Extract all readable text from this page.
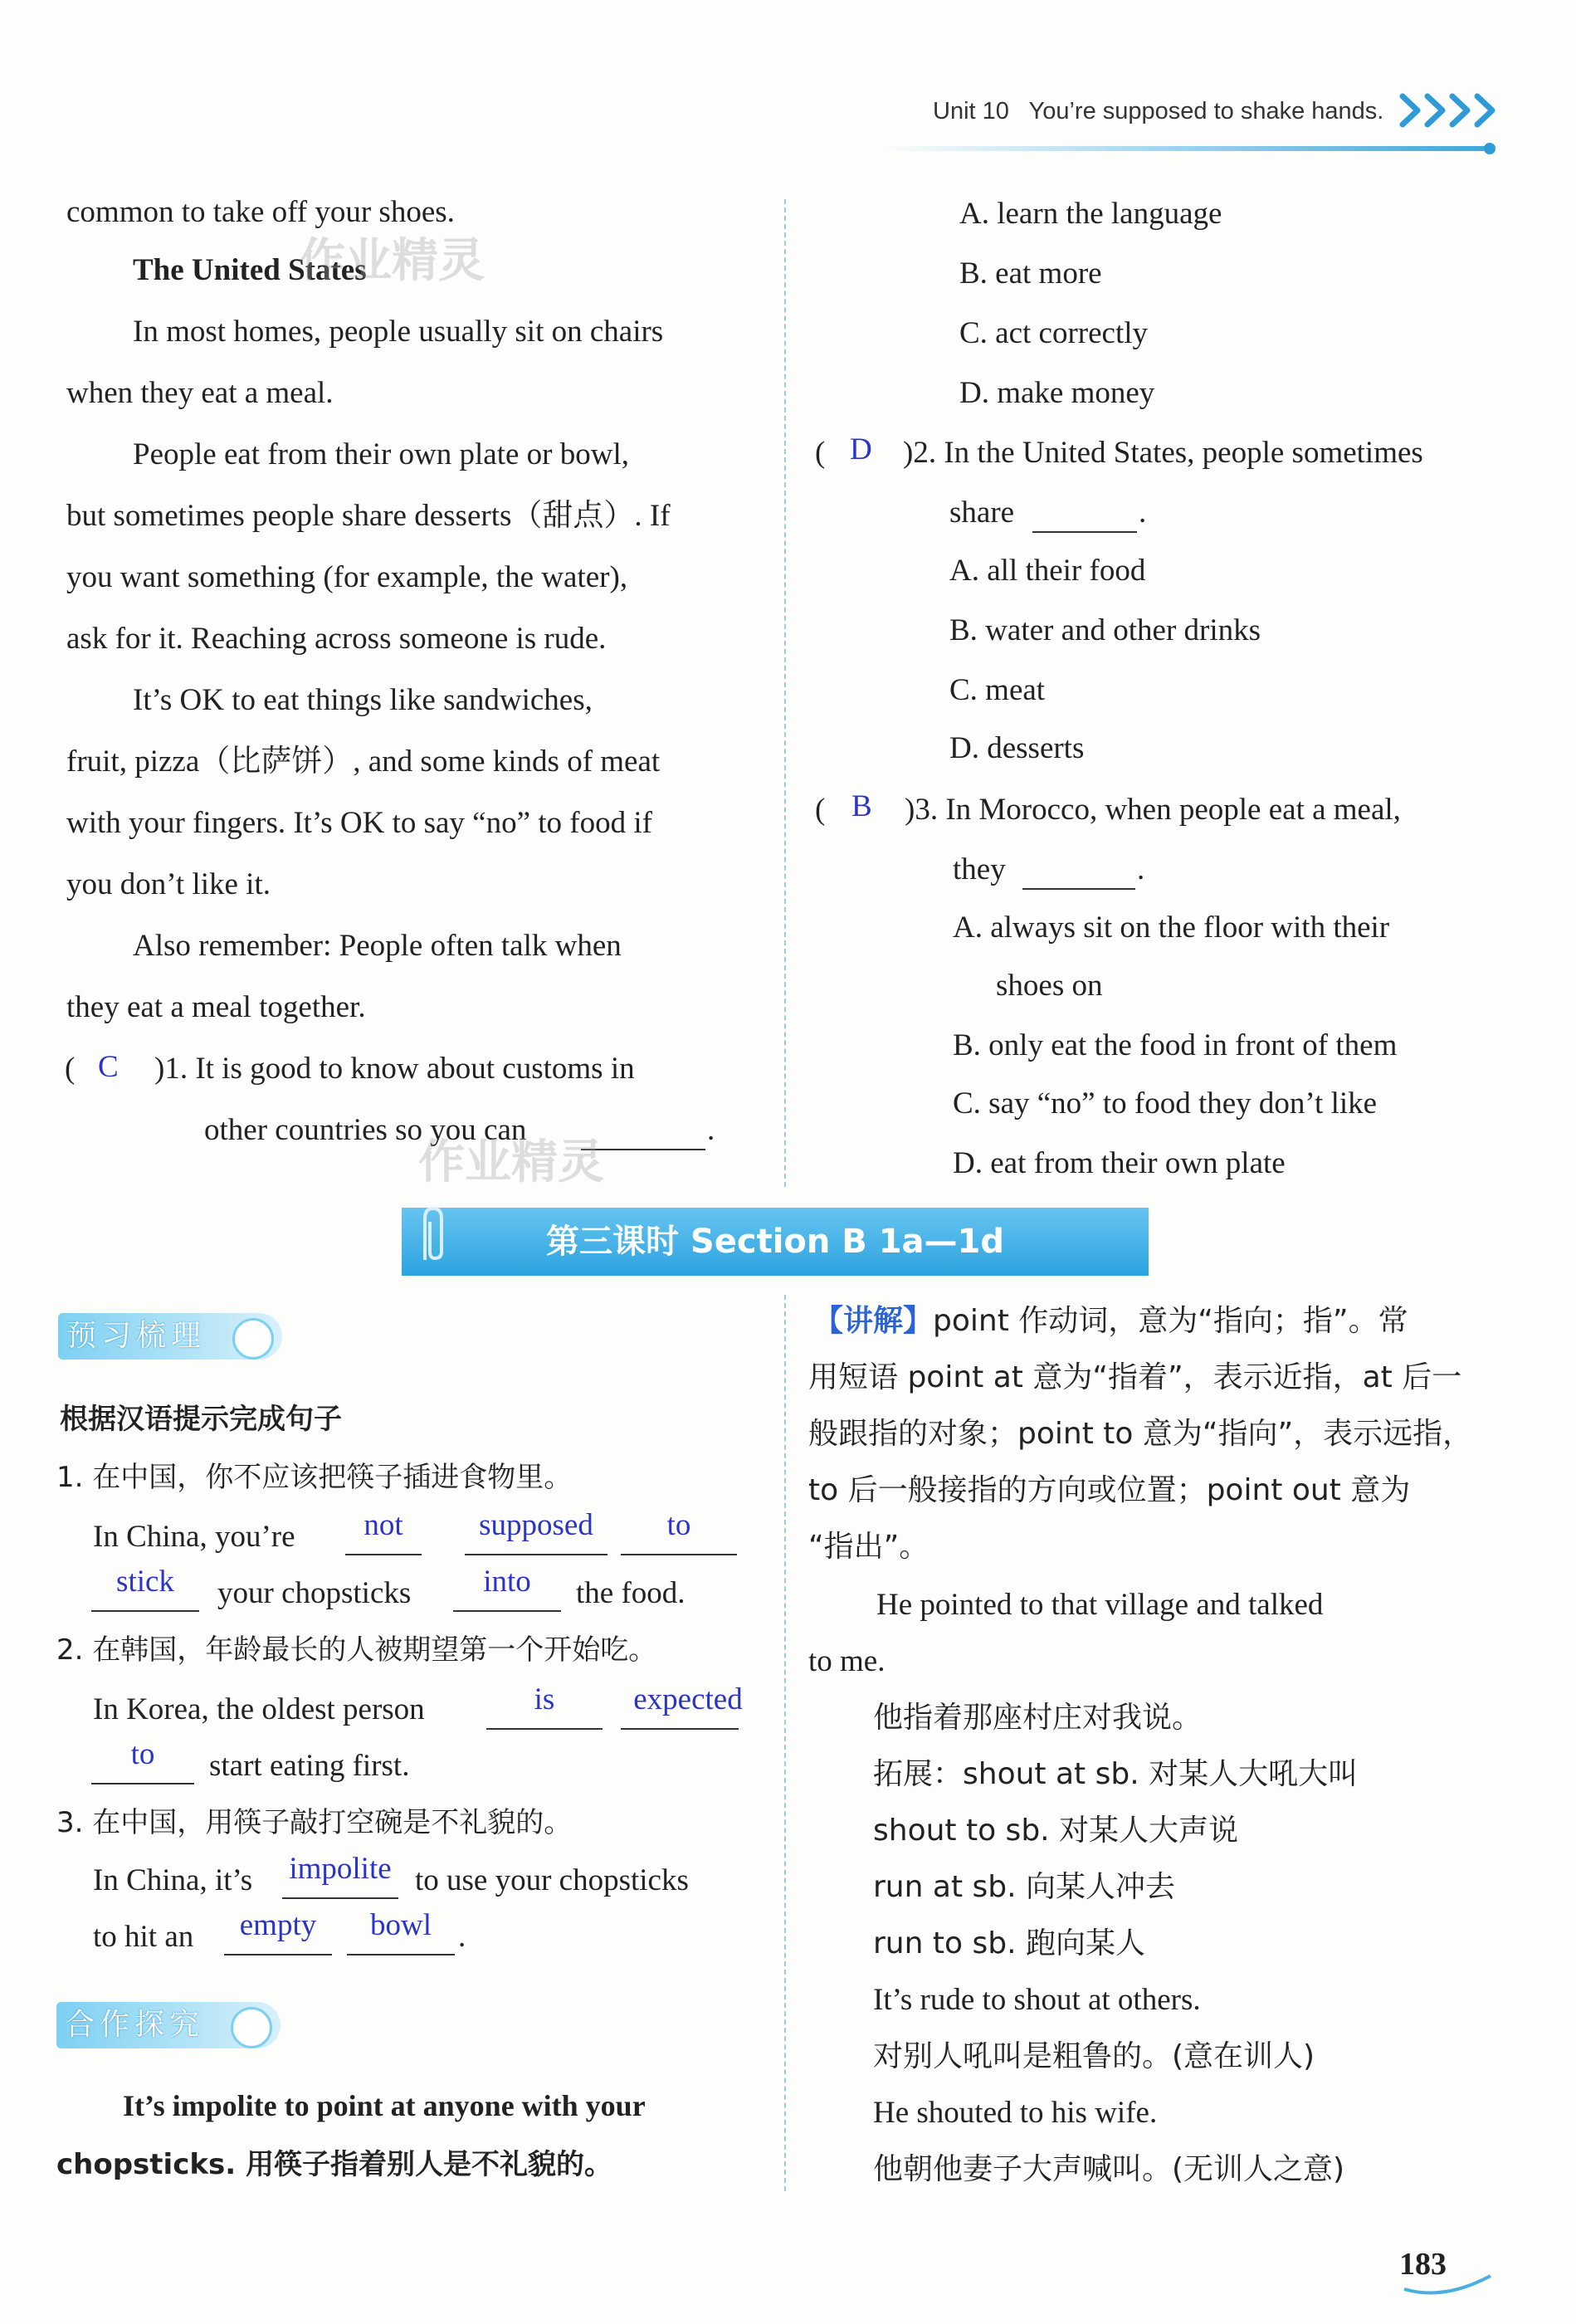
Unit 10 You’re supposed to shake hands.
common to take off your shoes.
The United States
In most homes, people usually sit on chairs
when they eat a meal.
People eat from their own plate or bowl,
but sometimes people share desserts（甜点）. If
you want something (for example, the water),
ask for it. Reaching across someone is rude.
It’s OK to eat things like sandwiches,
fruit, pizza（比萨饼）, and some kinds of meat
with your fingers. It’s OK to say “no” to food if
you don’t like it.
Also remember: People often talk when
they eat a meal together.
( C )1. It is good to know about customs in
other countries so you can	.
A. learn the language
B. eat more
C. act correctly
D. make money
( D )2. In the United States, people sometimes
share	.
A. all their food
B. water and other drinks
C. meat
D. desserts
( B )3. In Morocco, when people eat a meal,
they	.
A. always sit on the floor with their
shoes on
B. only eat the food in front of them
C. say “no” to food they don’t like
D. eat from their own plate
第三课时 Section B 1a—1d
预习梳理
根据汉语提示完成句子
1. 在中国，你不应该把筷子插进食物里。
In China, you’re	not	supposed	to
stick	your chopsticks	into	the food.
2. 在韩国，年龄最长的人被期望第一个开始吃。
In Korea, the oldest person	is	expected
to	start eating first.
3. 在中国，用筷子敲打空碗是不礼貌的。
In China, it’s	impolite to use your chopsticks
to hit an	empty	bowl .
合作探究
It’s impolite to point at anyone with your
chopsticks. 用筷子指着别人是不礼貌的。
【讲解】point 作动词，意为“指向；指”。常
用短语 point at 意为“指着”，表示近指，at 后一
般跟指的对象；point to 意为“指向”，表示远指，
to 后一般接指的方向或位置；point out 意为
“指出”。
He pointed to that village and talked
to me.
他指着那座村庄对我说。
拓展：shout at sb. 对某人大吼大叫
shout to sb. 对某人大声说
run at sb. 向某人冲去
run to sb. 跑向某人
It’s rude to shout at others.
对别人吼叫是粗鲁的。(意在训人)
He shouted to his wife.
他朝他妻子大声喊叫。(无训人之意)
作业精灵
作业精灵
183
